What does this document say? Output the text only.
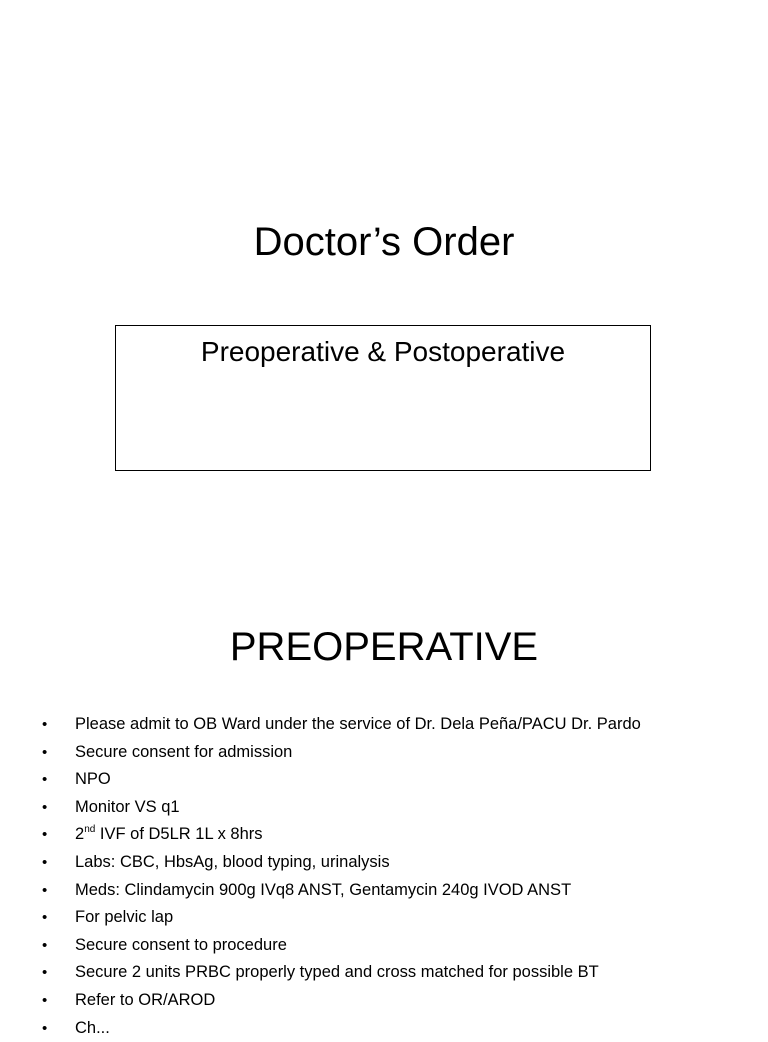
Doctor’s Order
Preoperative & Postoperative
PREOPERATIVE
• Please admit to OB Ward under the service of Dr. Dela Peña/PACU Dr. Pardo
• Secure consent for admission
• NPO
• Monitor VS q1
• 2nd IVF of D5LR 1L x 8hrs
• Labs: CBC, HbsAg, blood typing, urinalysis
• Meds: Clindamycin 900g IVq8 ANST, Gentamycin 240g IVOD ANST
• For pelvic lap
• Secure consent to procedure
• Secure 2 units PRBC properly typed and cross matched for possible BT
• Refer to OR/AROD
• Ch...
